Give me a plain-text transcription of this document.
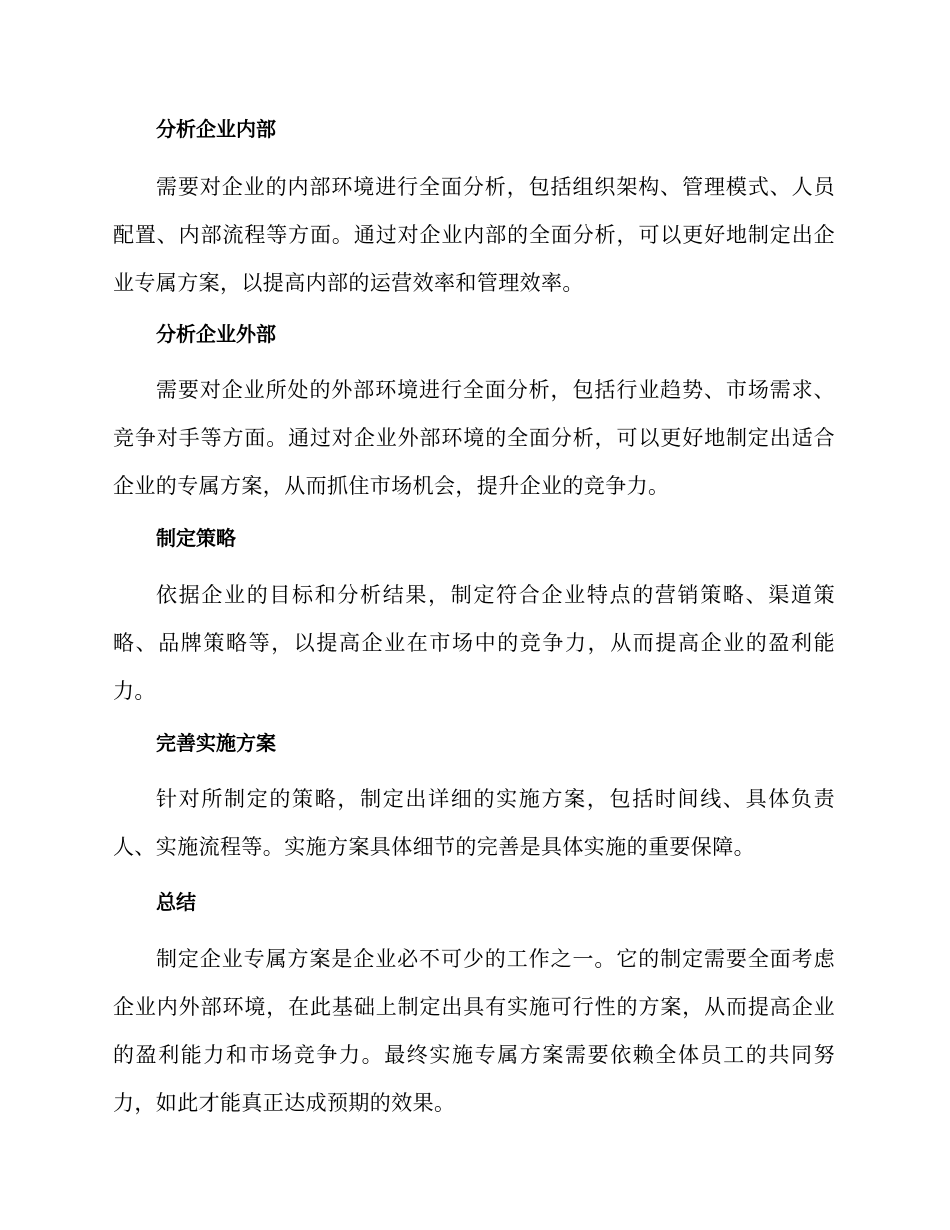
分析企业内部

需要对企业的内部环境进行全面分析，包括组织架构、管理模式、人员配置、内部流程等方面。通过对企业内部的全面分析，可以更好地制定出企业专属方案，以提高内部的运营效率和管理效率。

分析企业外部

需要对企业所处的外部环境进行全面分析，包括行业趋势、市场需求、竞争对手等方面。通过对企业外部环境的全面分析，可以更好地制定出适合企业的专属方案，从而抓住市场机会，提升企业的竞争力。

制定策略

依据企业的目标和分析结果，制定符合企业特点的营销策略、渠道策略、品牌策略等，以提高企业在市场中的竞争力，从而提高企业的盈利能力。

完善实施方案

针对所制定的策略，制定出详细的实施方案，包括时间线、具体负责人、实施流程等。实施方案具体细节的完善是具体实施的重要保障。

总结

制定企业专属方案是企业必不可少的工作之一。它的制定需要全面考虑企业内外部环境，在此基础上制定出具有实施可行性的方案，从而提高企业的盈利能力和市场竞争力。最终实施专属方案需要依赖全体员工的共同努力，如此才能真正达成预期的效果。
